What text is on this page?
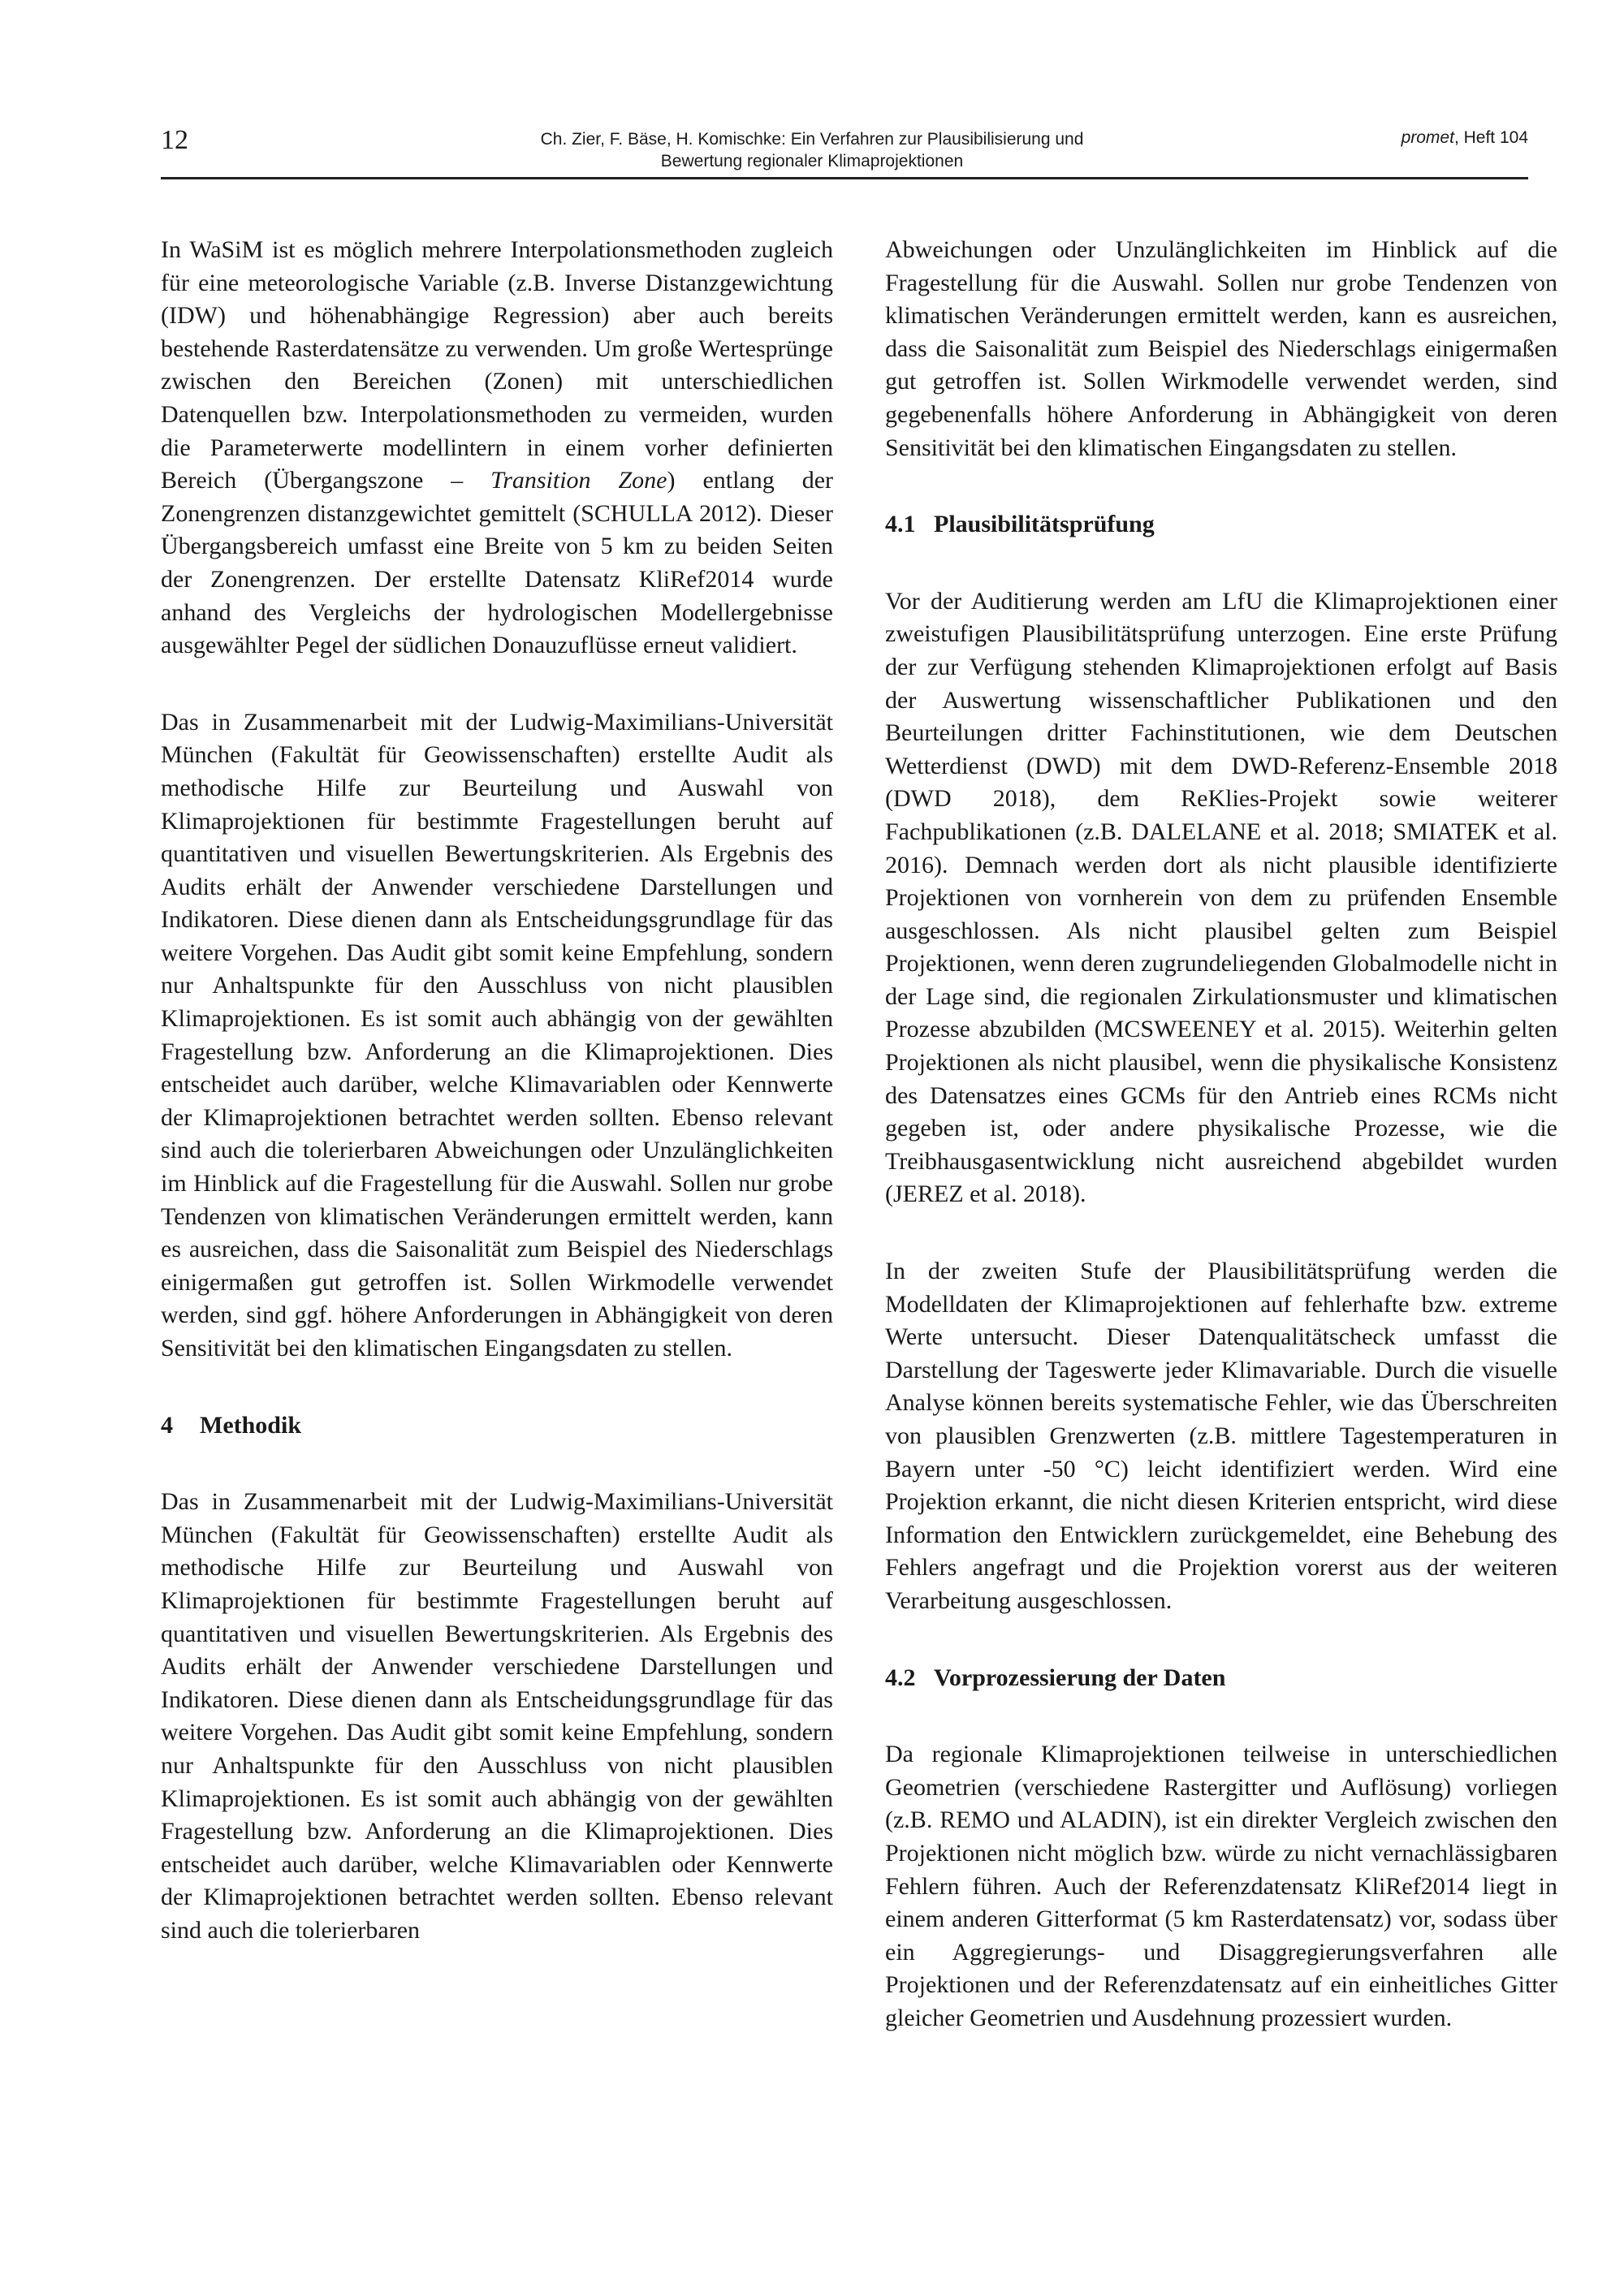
12	Ch. Zier, F. Bäse, H. Komischke: Ein Verfahren zur Plausibilisierung und
Bewertung regionaler Klimaprojektionen
promet, Heft 104

In WaSiM ist es möglich mehrere Interpolationsmethoden zugleich für eine meteorologische Variable (z.B. Inverse Distanzgewichtung (IDW) und höhenabhängige Regression) aber auch bereits bestehende Rasterdatensätze zu verwenden. Um große Wertesprünge zwischen den Bereichen (Zonen) mit unterschiedlichen Datenquellen bzw. Interpolationsmethoden zu vermeiden, wurden die Parameterwerte modellintern in einem vorher definierten Bereich (Übergangszone – Transition Zone) entlang der Zonengrenzen distanzgewichtet gemittelt (SCHULLA 2012). Dieser Übergangsbereich umfasst eine Breite von 5 km zu beiden Seiten der Zonengrenzen. Der erstellte Datensatz KliRef2014 wurde anhand des Vergleichs der hydrologischen Modellergebnisse ausgewählter Pegel der südlichen Donauzuflüsse erneut validiert.

Das in Zusammenarbeit mit der Ludwig-Maximilians-Universität München (Fakultät für Geowissenschaften) erstellte Audit als methodische Hilfe zur Beurteilung und Auswahl von Klimaprojektionen für bestimmte Fragestellungen beruht auf quantitativen und visuellen Bewertungskriterien. Als Ergebnis des Audits erhält der Anwender verschiedene Darstellungen und Indikatoren. Diese dienen dann als Entscheidungsgrundlage für das weitere Vorgehen. Das Audit gibt somit keine Empfehlung, sondern nur Anhaltspunkte für den Ausschluss von nicht plausiblen Klimaprojektionen. Es ist somit auch abhängig von der gewählten Fragestellung bzw. Anforderung an die Klimaprojektionen. Dies entscheidet auch darüber, welche Klimavariablen oder Kennwerte der Klimaprojektionen betrachtet werden sollten. Ebenso relevant sind auch die tolerierbaren Abweichungen oder Unzulänglichkeiten im Hinblick auf die Fragestellung für die Auswahl. Sollen nur grobe Tendenzen von klimatischen Veränderungen ermittelt werden, kann es ausreichen, dass die Saisonalität zum Beispiel des Niederschlags einigermaßen gut getroffen ist. Sollen Wirkmodelle verwendet werden, sind ggf. höhere Anforderungen in Abhängigkeit von deren Sensitivität bei den klimatischen Eingangsdaten zu stellen.

4 Methodik

Das in Zusammenarbeit mit der Ludwig-Maximilians-Universität München (Fakultät für Geowissenschaften) erstellte Audit als methodische Hilfe zur Beurteilung und Auswahl von Klimaprojektionen für bestimmte Fragestellungen beruht auf quantitativen und visuellen Bewertungskriterien. Als Ergebnis des Audits erhält der Anwender verschiedene Darstellungen und Indikatoren. Diese dienen dann als Entscheidungsgrundlage für das weitere Vorgehen. Das Audit gibt somit keine Empfehlung, sondern nur Anhaltspunkte für den Ausschluss von nicht plausiblen Klimaprojektionen. Es ist somit auch abhängig von der gewählten Fragestellung bzw. Anforderung an die Klimaprojektionen. Dies entscheidet auch darüber, welche Klimavariablen oder Kennwerte der Klimaprojektionen betrachtet werden sollten. Ebenso relevant sind auch die tolerierbaren

Abweichungen oder Unzulänglichkeiten im Hinblick auf die Fragestellung für die Auswahl. Sollen nur grobe Tendenzen von klimatischen Veränderungen ermittelt werden, kann es ausreichen, dass die Saisonalität zum Beispiel des Niederschlags einigermaßen gut getroffen ist. Sollen Wirkmodelle verwendet werden, sind gegebenenfalls höhere Anforderung in Abhängigkeit von deren Sensitivität bei den klimatischen Eingangsdaten zu stellen.

4.1 Plausibilitätsprüfung

Vor der Auditierung werden am LfU die Klimaprojektionen einer zweistufigen Plausibilitätsprüfung unterzogen. Eine erste Prüfung der zur Verfügung stehenden Klimaprojektionen erfolgt auf Basis der Auswertung wissenschaftlicher Publikationen und den Beurteilungen dritter Fachinstitutionen, wie dem Deutschen Wetterdienst (DWD) mit dem DWD-Referenz-Ensemble 2018 (DWD 2018), dem ReKlies-Projekt sowie weiterer Fachpublikationen (z.B. DALELANE et al. 2018; SMIATEK et al. 2016). Demnach werden dort als nicht plausible identifizierte Projektionen von vornherein von dem zu prüfenden Ensemble ausgeschlossen. Als nicht plausibel gelten zum Beispiel Projektionen, wenn deren zugrundeliegenden Globalmodelle nicht in der Lage sind, die regionalen Zirkulationsmuster und klimatischen Prozesse abzubilden (MCSWEENEY et al. 2015). Weiterhin gelten Projektionen als nicht plausibel, wenn die physikalische Konsistenz des Datensatzes eines GCMs für den Antrieb eines RCMs nicht gegeben ist, oder andere physikalische Prozesse, wie die Treibhausgasentwicklung nicht ausreichend abgebildet wurden (JEREZ et al. 2018).

In der zweiten Stufe der Plausibilitätsprüfung werden die Modelldaten der Klimaprojektionen auf fehlerhafte bzw. extreme Werte untersucht. Dieser Datenqualitätscheck umfasst die Darstellung der Tageswerte jeder Klimavariable. Durch die visuelle Analyse können bereits systematische Fehler, wie das Überschreiten von plausiblen Grenzwerten (z.B. mittlere Tagestemperaturen in Bayern unter -50 °C) leicht identifiziert werden. Wird eine Projektion erkannt, die nicht diesen Kriterien entspricht, wird diese Information den Entwicklern zurückgemeldet, eine Behebung des Fehlers angefragt und die Projektion vorerst aus der weiteren Verarbeitung ausgeschlossen.

4.2 Vorprozessierung der Daten

Da regionale Klimaprojektionen teilweise in unterschiedlichen Geometrien (verschiedene Rastergitter und Auflösung) vorliegen (z.B. REMO und ALADIN), ist ein direkter Vergleich zwischen den Projektionen nicht möglich bzw. würde zu nicht vernachlässigbaren Fehlern führen. Auch der Referenzdatensatz KliRef2014 liegt in einem anderen Gitterformat (5 km Rasterdatensatz) vor, sodass über ein Aggregierungs- und Disaggregierungsverfahren alle Projektionen und der Referenzdatensatz auf ein einheitliches Gitter gleicher Geometrien und Ausdehnung prozessiert wurden.
